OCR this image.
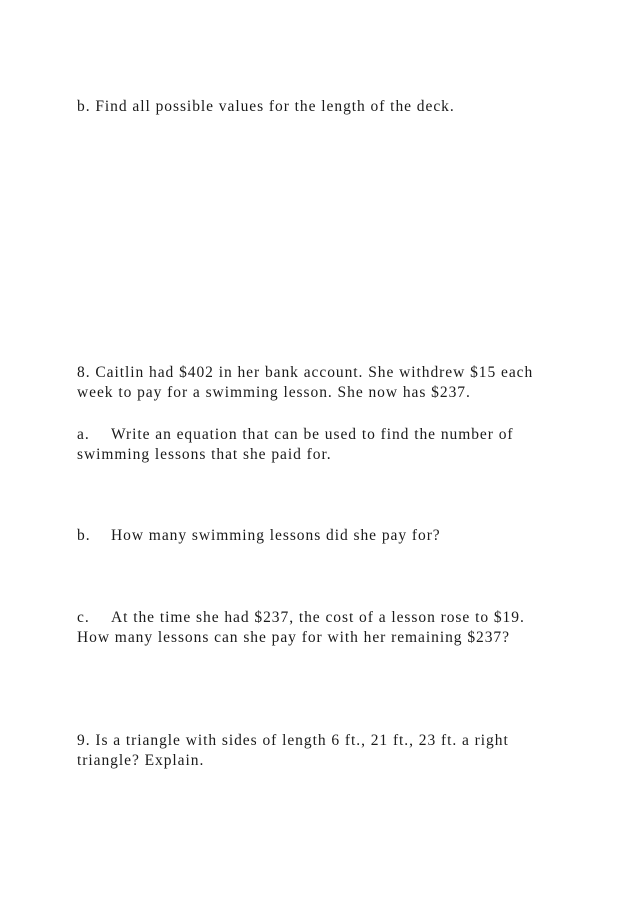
b. Find all possible values for the length of the deck.

8. Caitlin had $402 in her bank account. She withdrew $15 each

week to pay for a swimming lesson. She now has $237.

a. Write an equation that can be used to find the number of

swimming lessons that she paid for.

b. How many swimming lessons did she pay for?

c. At the time she had $237, the cost of a lesson rose to $19.

How many lessons can she pay for with her remaining $237?

9. Is a triangle with sides of length 6 ft., 21 ft., 23 ft. a right

triangle? Explain.
